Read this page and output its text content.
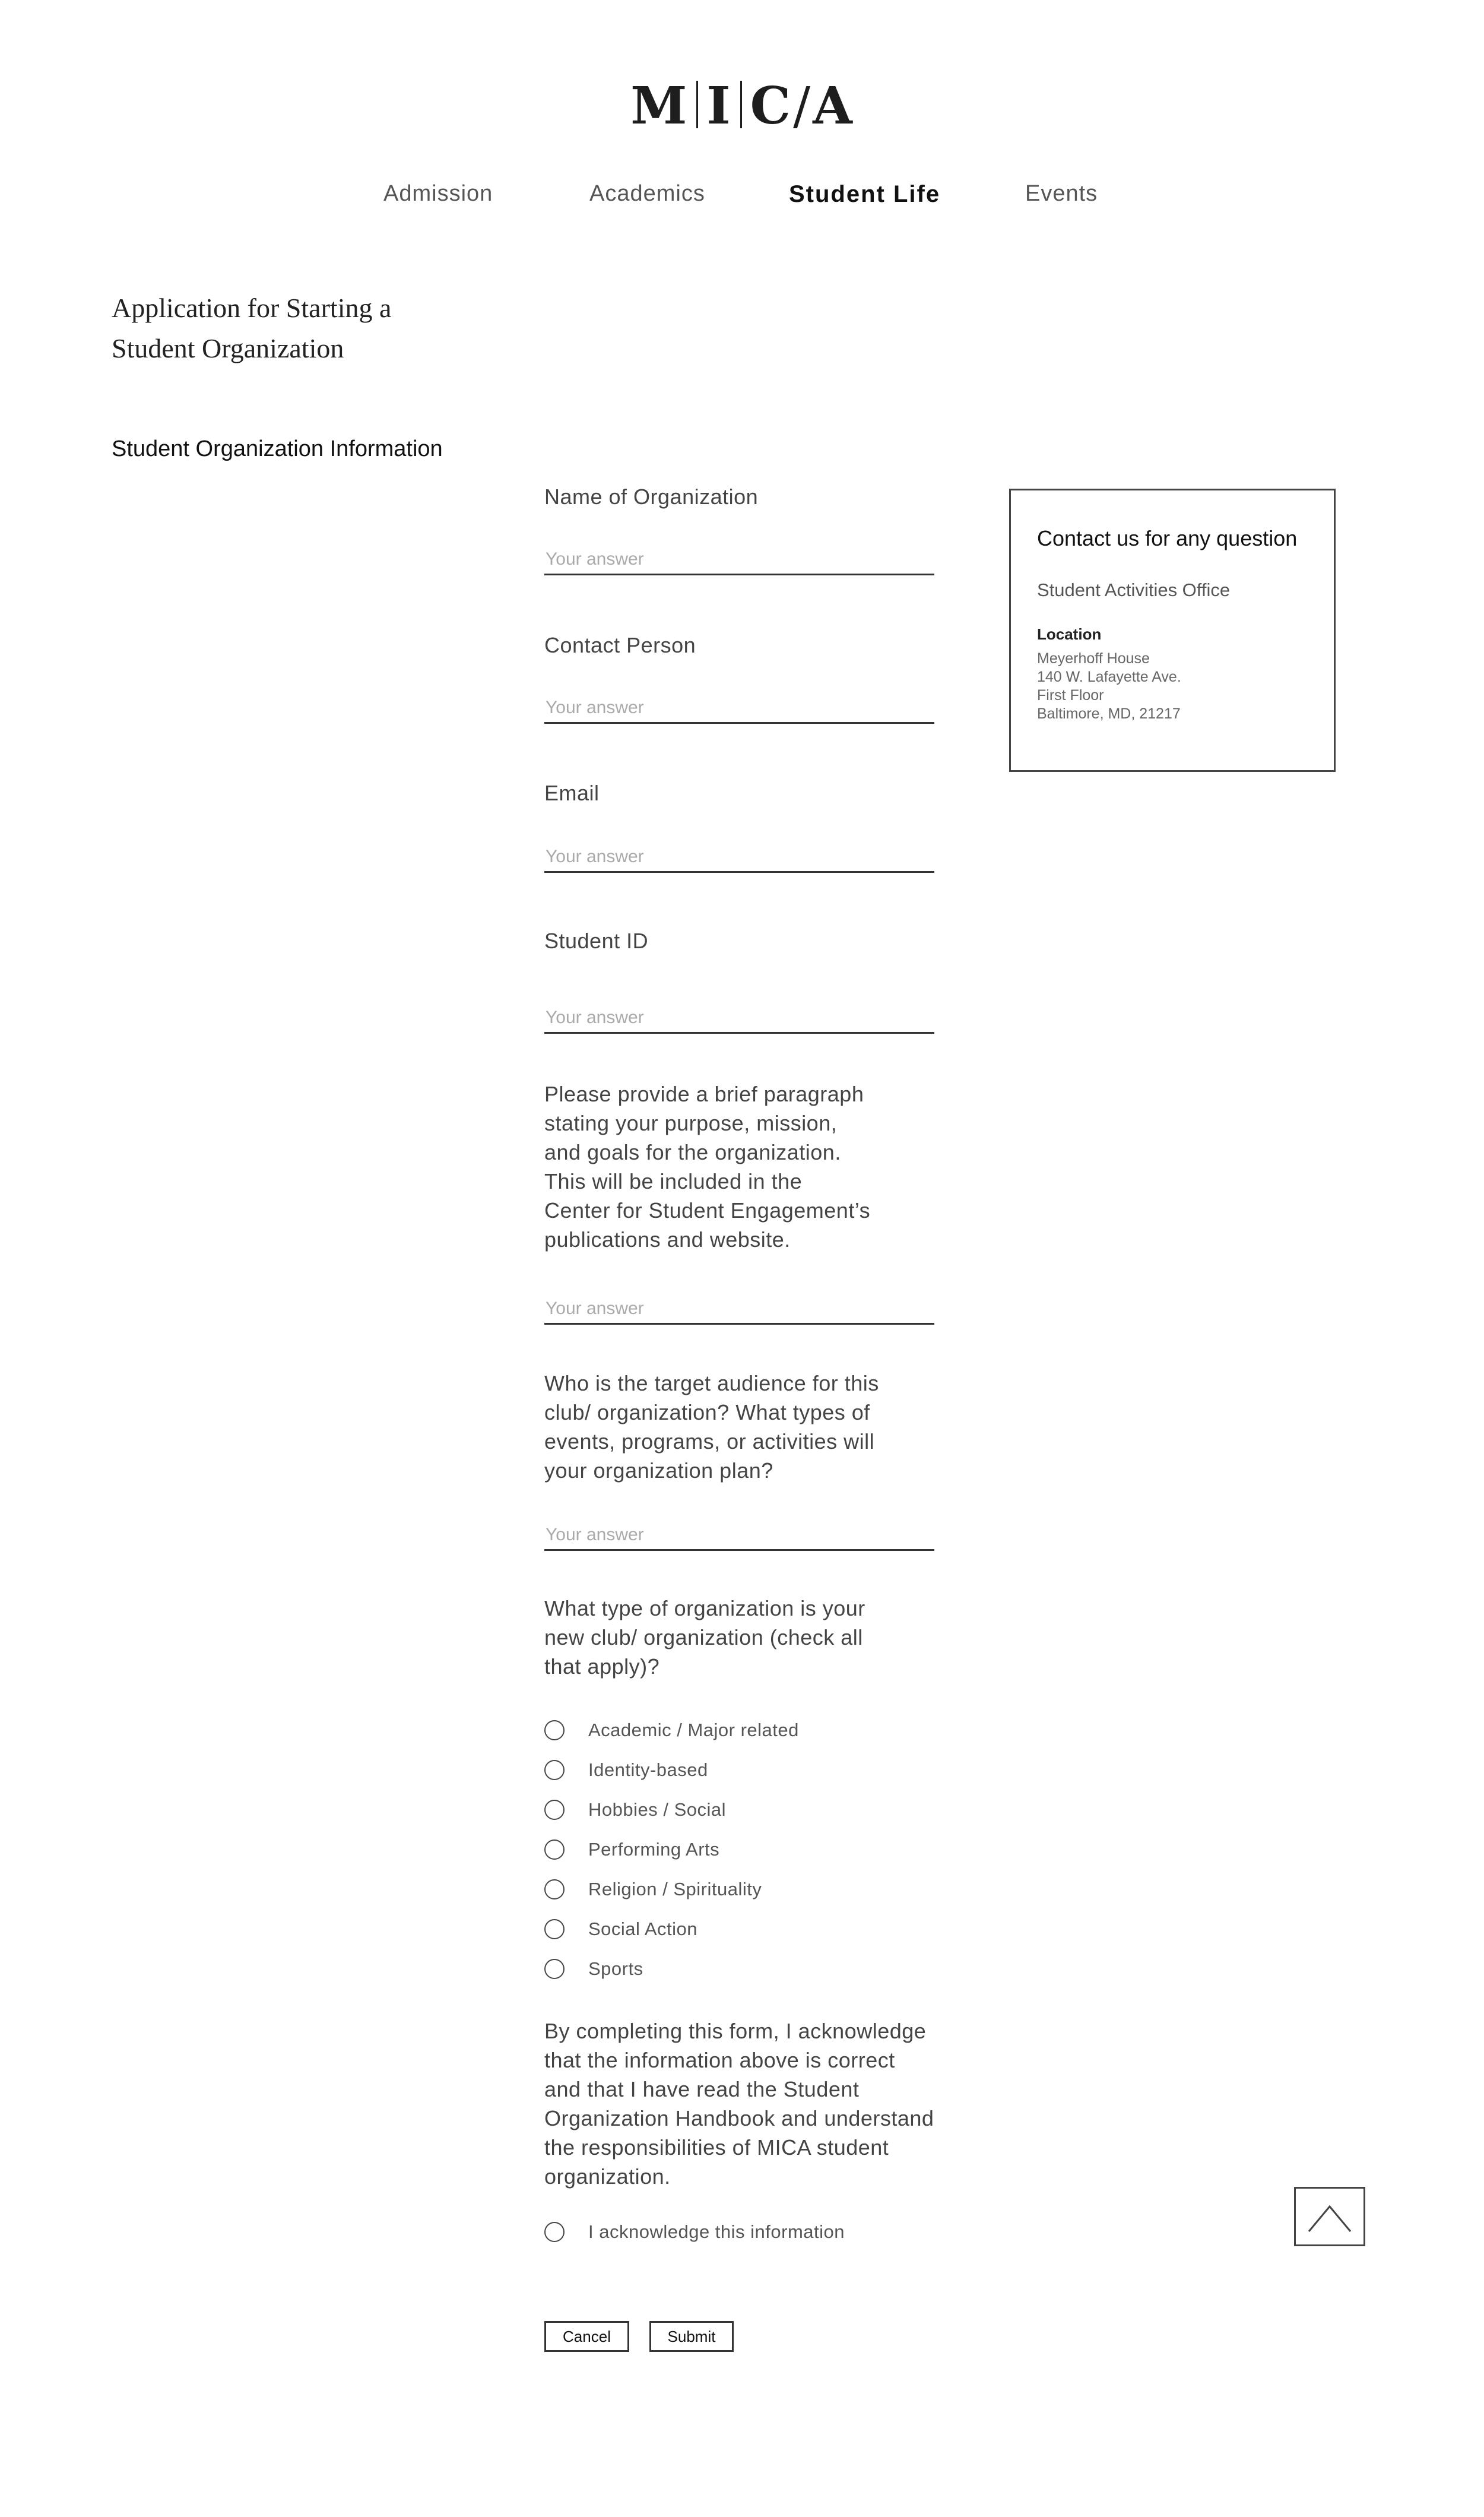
M I C/A
Admission	Academics	Student Life	Events
Application for Starting a
Student Organization
Student Organization Information
Name of Organization
Your answer
Contact Person
Your answer
Email
Your answer
Student ID
Your answer
Please provide a brief paragraph
stating your purpose, mission,
and goals for the organization.
This will be included in the
Center for Student Engagement’s
publications and website.
Your answer
Who is the target audience for this
club/ organization? What types of
events, programs, or activities will
your organization plan?
Your answer
What type of organization is your
new club/ organization (check all
that apply)?
Academic / Major related
Identity-based
Hobbies / Social
Performing Arts
Religion / Spirituality
Social Action
Sports
By completing this form, I acknowledge
that the information above is correct
and that I have read the Student
Organization Handbook and understand
the responsibilities of MICA student
organization.
I acknowledge this information
Cancel	Submit
Contact us for any question
Student Activities Office
Location
Meyerhoff House
140 W. Lafayette Ave.
First Floor
Baltimore, MD, 21217
